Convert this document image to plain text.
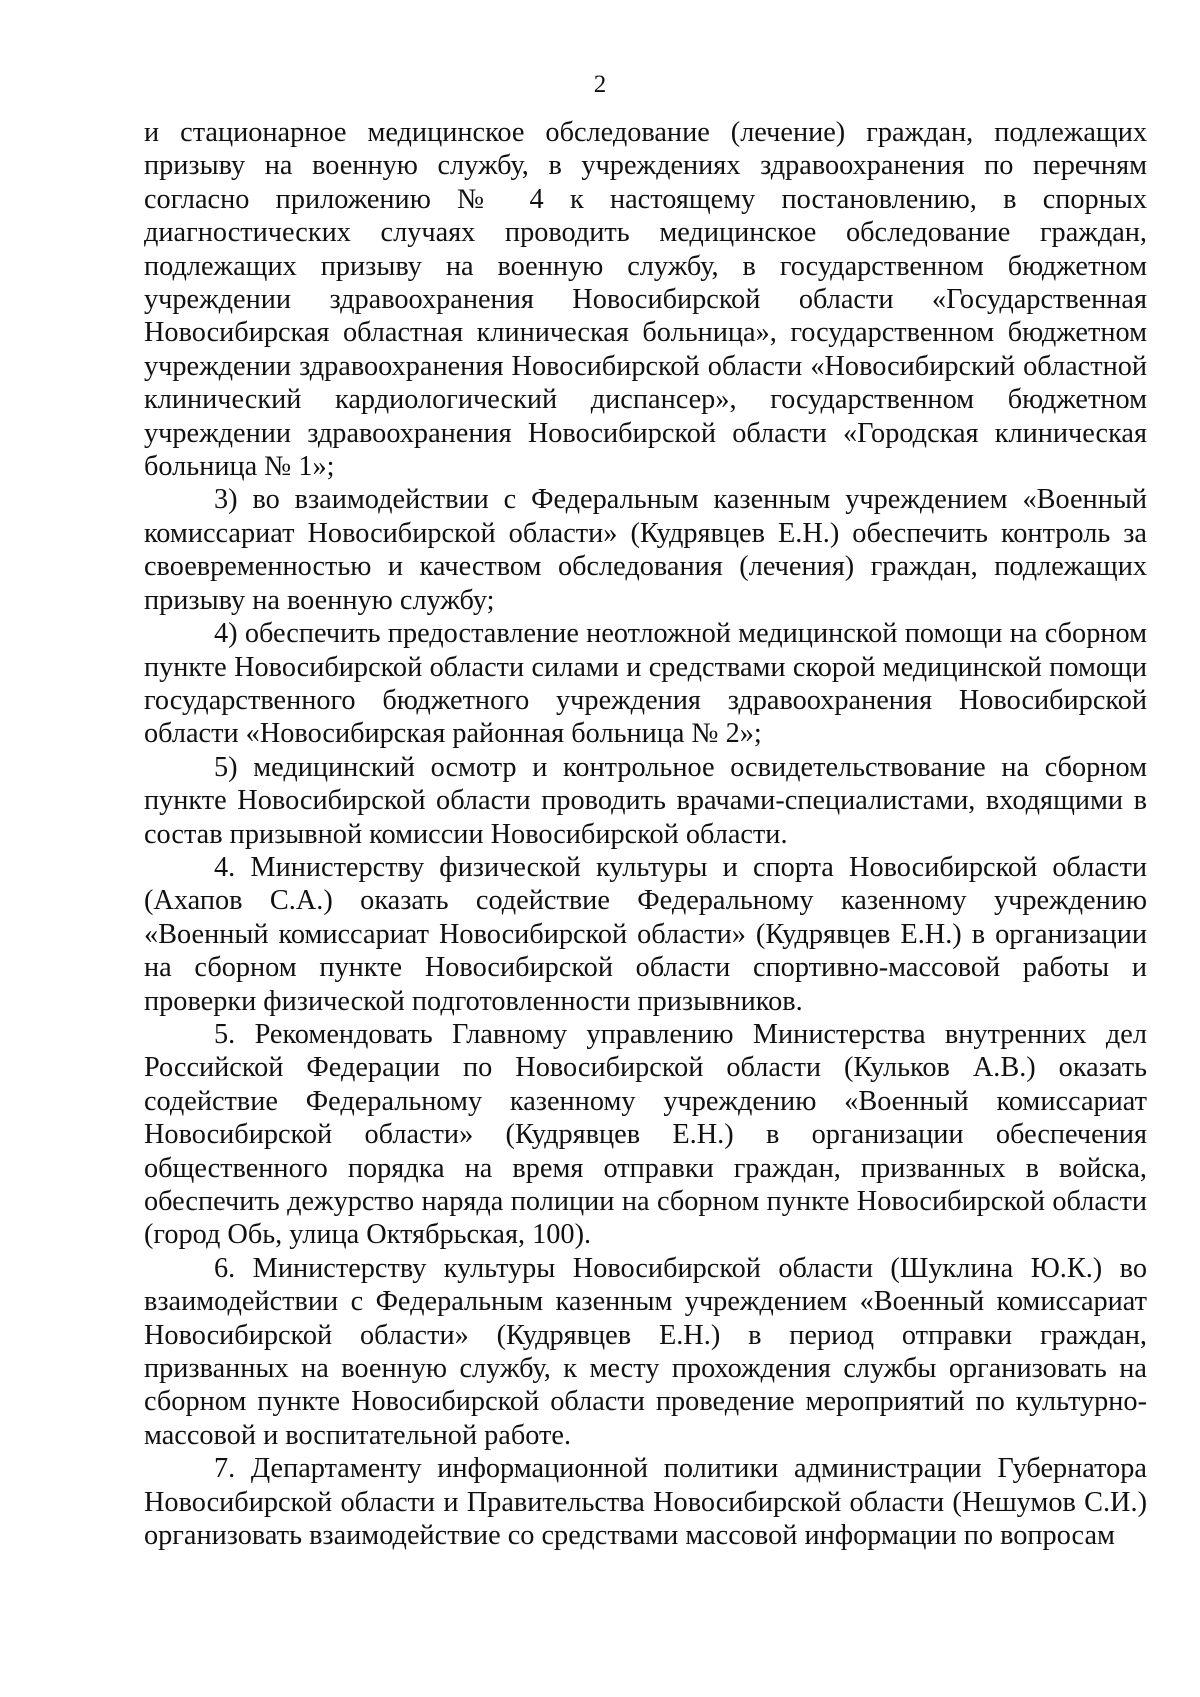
2

и стационарное медицинское обследование (лечение) граждан, подлежащих призыву на военную службу, в учреждениях здравоохранения по перечням согласно приложению № 4 к настоящему постановлению, в спорных диагностических случаях проводить медицинское обследование граждан, подлежащих призыву на военную службу, в государственном бюджетном учреждении здравоохранения Новосибирской области «Государственная Новосибирская областная клиническая больница», государственном бюджетном учреждении здравоохранения Новосибирской области «Новосибирский областной клинический кардиологический диспансер», государственном бюджетном учреждении здравоохранения Новосибирской области «Городская клиническая больница № 1»;

3) во взаимодействии с Федеральным казенным учреждением «Военный комиссариат Новосибирской области» (Кудрявцев Е.Н.) обеспечить контроль за своевременностью и качеством обследования (лечения) граждан, подлежащих призыву на военную службу;

4) обеспечить предоставление неотложной медицинской помощи на сборном пункте Новосибирской области силами и средствами скорой медицинской помощи государственного бюджетного учреждения здравоохранения Новосибирской области «Новосибирская районная больница № 2»;

5) медицинский осмотр и контрольное освидетельствование на сборном пункте Новосибирской области проводить врачами-специалистами, входящими в состав призывной комиссии Новосибирской области.

4. Министерству физической культуры и спорта Новосибирской области (Ахапов С.А.) оказать содействие Федеральному казенному учреждению «Военный комиссариат Новосибирской области» (Кудрявцев Е.Н.) в организации на сборном пункте Новосибирской области спортивно-массовой работы и проверки физической подготовленности призывников.

5. Рекомендовать Главному управлению Министерства внутренних дел Российской Федерации по Новосибирской области (Кульков А.В.) оказать содействие Федеральному казенному учреждению «Военный комиссариат Новосибирской области» (Кудрявцев Е.Н.) в организации обеспечения общественного порядка на время отправки граждан, призванных в войска, обеспечить дежурство наряда полиции на сборном пункте Новосибирской области (город Обь, улица Октябрьская, 100).

6. Министерству культуры Новосибирской области (Шуклина Ю.К.) во взаимодействии с Федеральным казенным учреждением «Военный комиссариат Новосибирской области» (Кудрявцев Е.Н.) в период отправки граждан, призванных на военную службу, к месту прохождения службы организовать на сборном пункте Новосибирской области проведение мероприятий по культурно-массовой и воспитательной работе.

7. Департаменту информационной политики администрации Губернатора Новосибирской области и Правительства Новосибирской области (Нешумов С.И.) организовать взаимодействие со средствами массовой информации по вопросам
